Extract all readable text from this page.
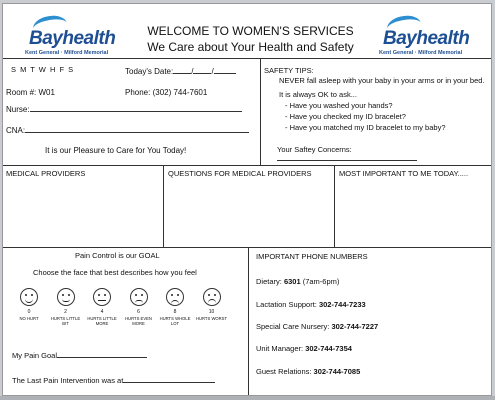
Bayhealth
Kent General · Milford Memorial
Bayhealth
Kent General · Milford Memorial
WELCOME TO WOMEN'S SERVICES
We Care about Your Health and Safety
S M T W H F S	Today's Date: / /
Room #: W01	Phone: (302) 744-7601
Nurse:
CNA:
It is our Pleasure to Care for You Today!
SAFETY TIPS:
NEVER fall asleep with your baby in your arms or in your bed.
It is always OK to ask...
- Have you washed your hands?
- Have you checked my ID bracelet?
- Have you matched my ID bracelet to my baby?
Your Saftey Concerns:
MEDICAL PROVIDERS	QUESTIONS FOR MEDICAL PROVIDERS	MOST IMPORTANT TO ME TODAY.....
Pain Control is our GOAL
Choose the face that best describes how you feel
0
NO HURT
2
HURTS LITTLE BIT
4
HURTS LITTLE MORE
6
HURTS EVEN MORE
8
HURTS WHOLE LOT
10
HURTS WORST
My Pain Goal
The Last Pain Intervention was at
IMPORTANT PHONE NUMBERS
Dietary: 6301 (7am-6pm)
Lactation Support: 302-744-7233
Special Care Nursery: 302-744-7227
Unit Manager: 302-744-7354
Guest Relations: 302-744-7085
